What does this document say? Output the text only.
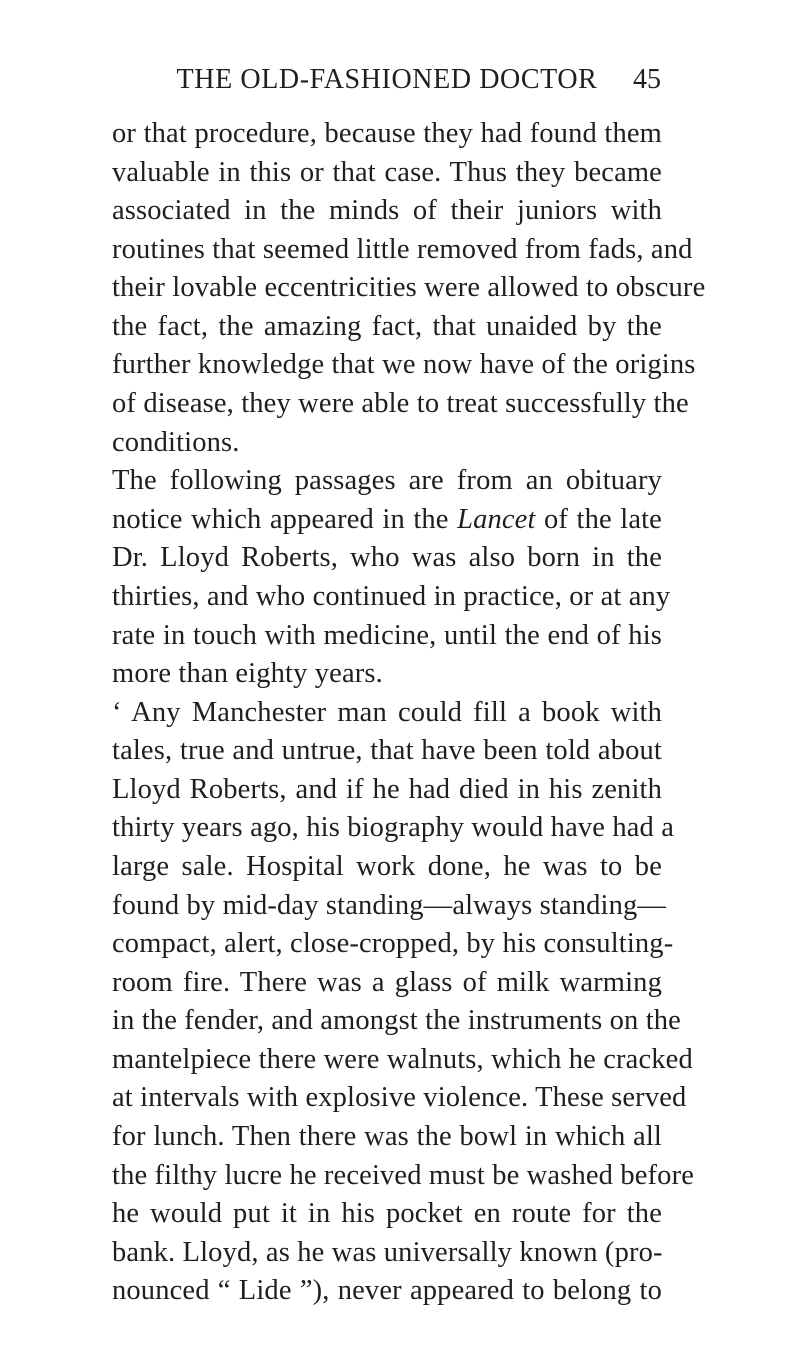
THE OLD-FASHIONED DOCTOR	45
or that procedure, because they had found them
valuable in this or that case. Thus they became
associated in the minds of their juniors with
routines that seemed little removed from fads, and
their lovable eccentricities were allowed to obscure
the fact, the amazing fact, that unaided by the
further knowledge that we now have of the origins
of disease, they were able to treat successfully the
conditions.
The following passages are from an obituary
notice which appeared in the Lancet of the late
Dr. Lloyd Roberts, who was also born in the
thirties, and who continued in practice, or at any
rate in touch with medicine, until the end of his
more than eighty years.
‘ Any Manchester man could fill a book with
tales, true and untrue, that have been told about
Lloyd Roberts, and if he had died in his zenith
thirty years ago, his biography would have had a
large sale. Hospital work done, he was to be
found by mid-day standing—always standing—
compact, alert, close-cropped, by his consulting-
room fire. There was a glass of milk warming
in the fender, and amongst the instruments on the
mantelpiece there were walnuts, which he cracked
at intervals with explosive violence. These served
for lunch. Then there was the bowl in which all
the filthy lucre he received must be washed before
he would put it in his pocket en route for the
bank. Lloyd, as he was universally known (pro-
nounced “ Lide ”), never appeared to belong to
